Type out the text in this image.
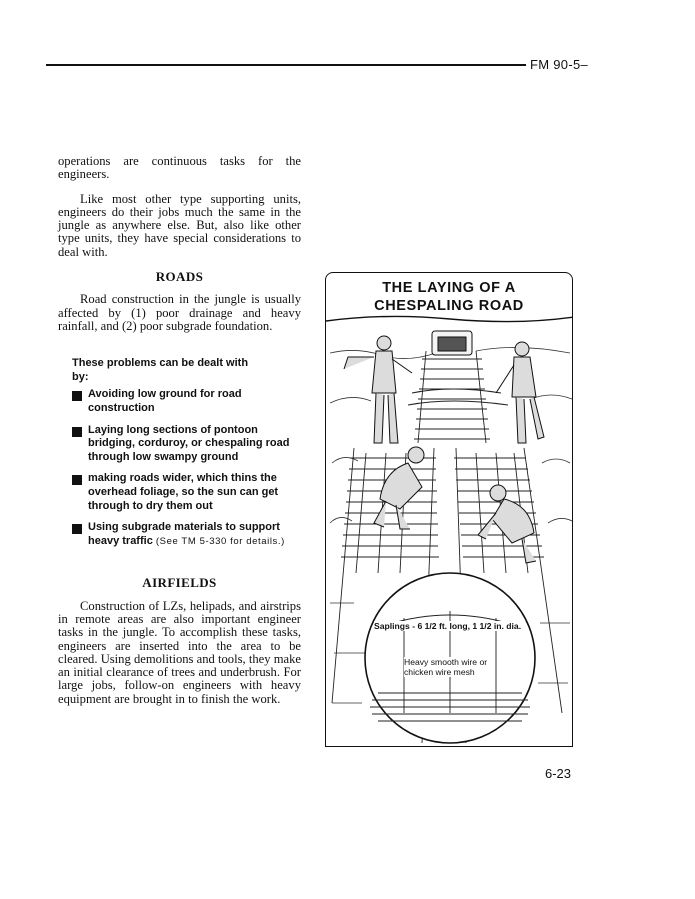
FM 90-5–

operations are continuous tasks for the engineers.

Like most other type supporting units, engineers do their jobs much the same in the jungle as anywhere else. But, also like other type units, they have special considerations to deal with.

ROADS

Road construction in the jungle is usually affected by (1) poor drainage and heavy rainfall, and (2) poor subgrade foundation.

These problems can be dealt with
by:
Avoiding low ground for road construction
Laying long sections of pontoon bridging, corduroy, or chespaling road through low swampy ground
making roads wider, which thins the overhead foliage, so the sun can get through to dry them out
Using subgrade materials to support heavy traffic (See TM 5-330 for details.)
AIRFIELDS

Construction of LZs, helipads, and airstrips in remote areas are also important engineer tasks in the jungle. To accomplish these tasks, engineers are inserted into the area to be cleared. Using demolitions and tools, they make an initial clearance of trees and underbrush. For large jobs, follow-on engineers with heavy equipment are brought in to finish the work.

THE LAYING OF A
CHESPALING ROAD
Saplings - 6 1/2 ft. long, 1 1/2 in. dia.
Heavy smooth wire or
chicken wire mesh
6-23
